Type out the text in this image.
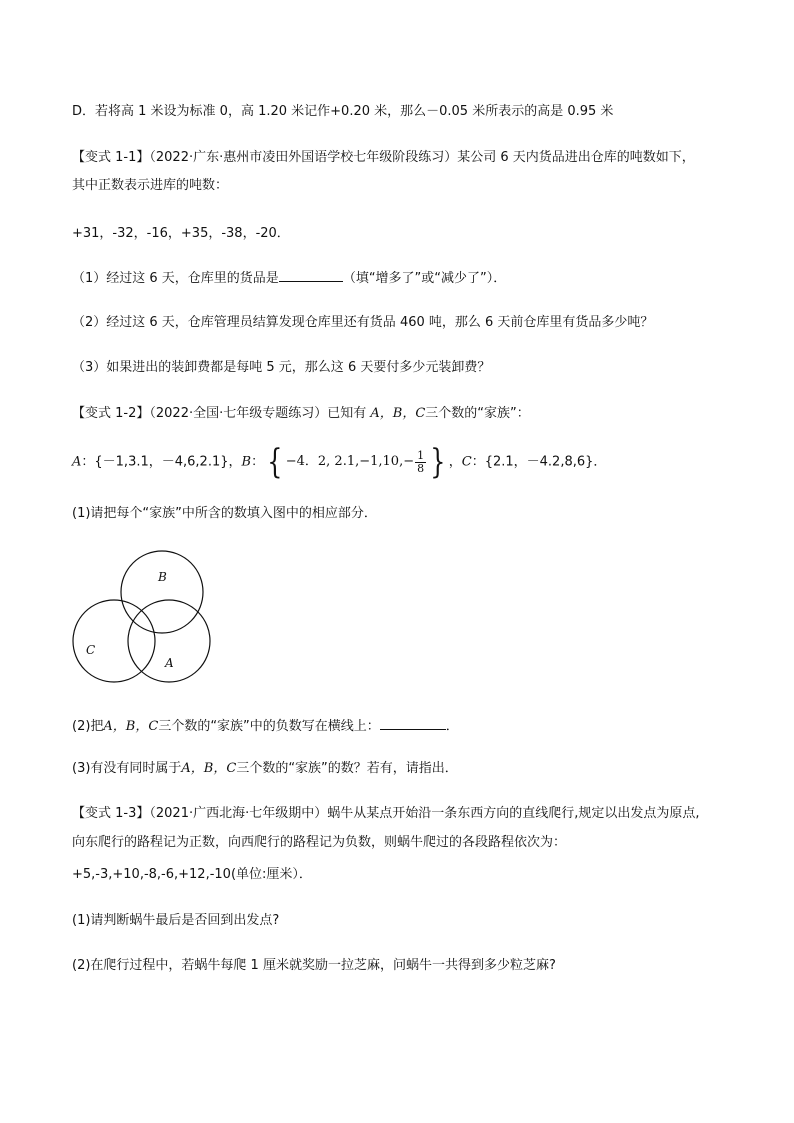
D．若将高 1 米设为标准 0，高 1.20 米记作+0.20 米，那么－0.05 米所表示的高是 0.95 米
【变式 1-1】（2022·广东·惠州市凌田外国语学校七年级阶段练习）某公司 6 天内货品进出仓库的吨数如下，
其中正数表示进库的吨数：
+31，-32，-16，+35，-38，-20．
（1）经过这 6 天，仓库里的货品是	（填“增多了”或“减少了”）．
（2）经过这 6 天，仓库管理员结算发现仓库里还有货品 460 吨，那么 6 天前仓库里有货品多少吨？
（3）如果进出的装卸费都是每吨 5 元，那么这 6 天要付多少元装卸费？
【变式 1-2】（2022·全国·七年级专题练习）已知有 A，B，C三个数的“家族”：
A：{－1,3.1，－4,6,2.1}，B： { −4．2, $2.1,-1,10,- \frac{1}{8}$ } ，C：{2.1，－4.2,8,6}．
(1)请把每个“家族”中所含的数填入图中的相应部分．
B
C
A
(2)把A，B，C三个数的“家族”中的负数写在横线上：	．
(3)有没有同时属于A，B，C三个数的“家族”的数？若有，请指出．
【变式 1-3】（2021·广西北海·七年级期中）蜗牛从某点开始沿一条东西方向的直线爬行,规定以出发点为原点,
向东爬行的路程记为正数，向西爬行的路程记为负数，则蜗牛爬过的各段路程依次为：
+5,-3,+10,-8,-6,+12,-10(单位:厘米）．
(1)请判断蜗牛最后是否回到出发点?
(2)在爬行过程中，若蜗牛每爬 1 厘米就奖励一拉芝麻，问蜗牛一共得到多少粒芝麻?
